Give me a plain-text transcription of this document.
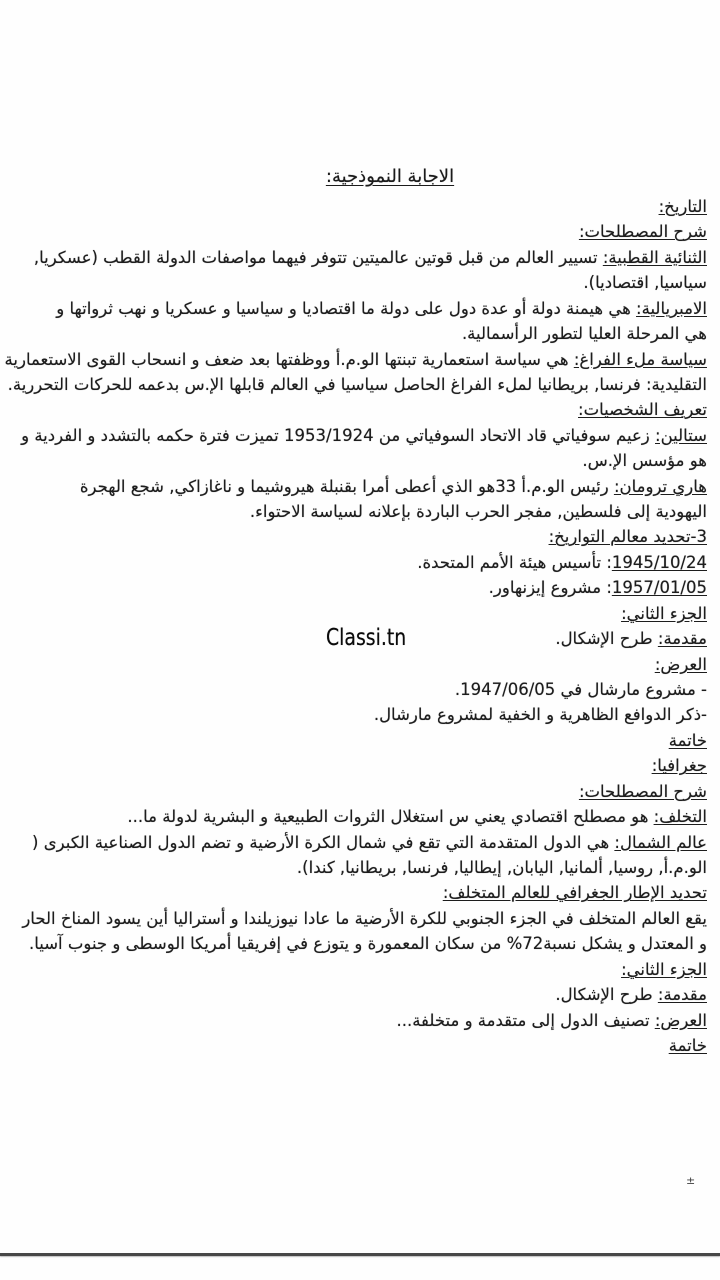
الاجابة النموذجية:

التاريخ:

شرح المصطلحات:

الثنائية القطبية: تسيير العالم من قبل قوتين عالميتين تتوفر فيهما مواصفات الدولة القطب (عسكريا,

سياسيا, اقتصاديا).

الامبريالية: هي هيمنة دولة أو عدة دول على دولة ما اقتصاديا و سياسيا و عسكريا و نهب ثرواتها و

هي المرحلة العليا لتطور الرأسمالية.

سياسة ملء الفراغ: هي سياسة استعمارية تبنتها الو.م.أ ووظفتها بعد ضعف و انسحاب القوى الاستعمارية

التقليدية: فرنسا, بريطانيا لملء الفراغ الحاصل سياسيا في العالم قابلها الإ.س بدعمه للحركات التحررية.

تعريف الشخصيات:

ستالين: زعيم سوفياتي قاد الاتحاد السوفياتي من 1953/1924 تميزت فترة حكمه بالتشدد و الفردية و

هو مؤسس الإ.س.

هاري ترومان: رئيس الو.م.أ 33هو الذي أعطى أمرا بقنبلة هيروشيما و ناغازاكي, شجع الهجرة

اليهودية إلى فلسطين, مفجر الحرب الباردة بإعلانه لسياسة الاحتواء.

3-تحديد معالم التواريخ:

1945/10/24: تأسيس هيئة الأمم المتحدة.

1957/01/05: مشروع إيزنهاور.

الجزء الثاني:

مقدمة: طرح الإشكال.

العرض:

- مشروع مارشال في 1947/06/05.

-ذكر الدوافع الظاهرية و الخفية لمشروع مارشال.

خاتمة

جغرافيا:

شرح المصطلحات:

التخلف: هو مصطلح اقتصادي يعني س استغلال الثروات الطبيعية و البشرية لدولة ما...

عالم الشمال: هي الدول المتقدمة التي تقع في شمال الكرة الأرضية و تضم الدول الصناعية الكبرى (

الو.م.أ, روسيا, ألمانيا, اليابان, إيطاليا, فرنسا, بريطانيا, كندا).

تحديد الإطار الجغرافي للعالم المتخلف:

يقع العالم المتخلف في الجزء الجنوبي للكرة الأرضية ما عادا نيوزيلندا و أستراليا أين يسود المناخ الحار

و المعتدل و يشكل نسبة72% من سكان المعمورة و يتوزع في إفريقيا أمريكا الوسطى و جنوب آسيا.

الجزء الثاني:

مقدمة: طرح الإشكال.

العرض: تصنيف الدول إلى متقدمة و متخلفة...

خاتمة

Classi.tn
±
